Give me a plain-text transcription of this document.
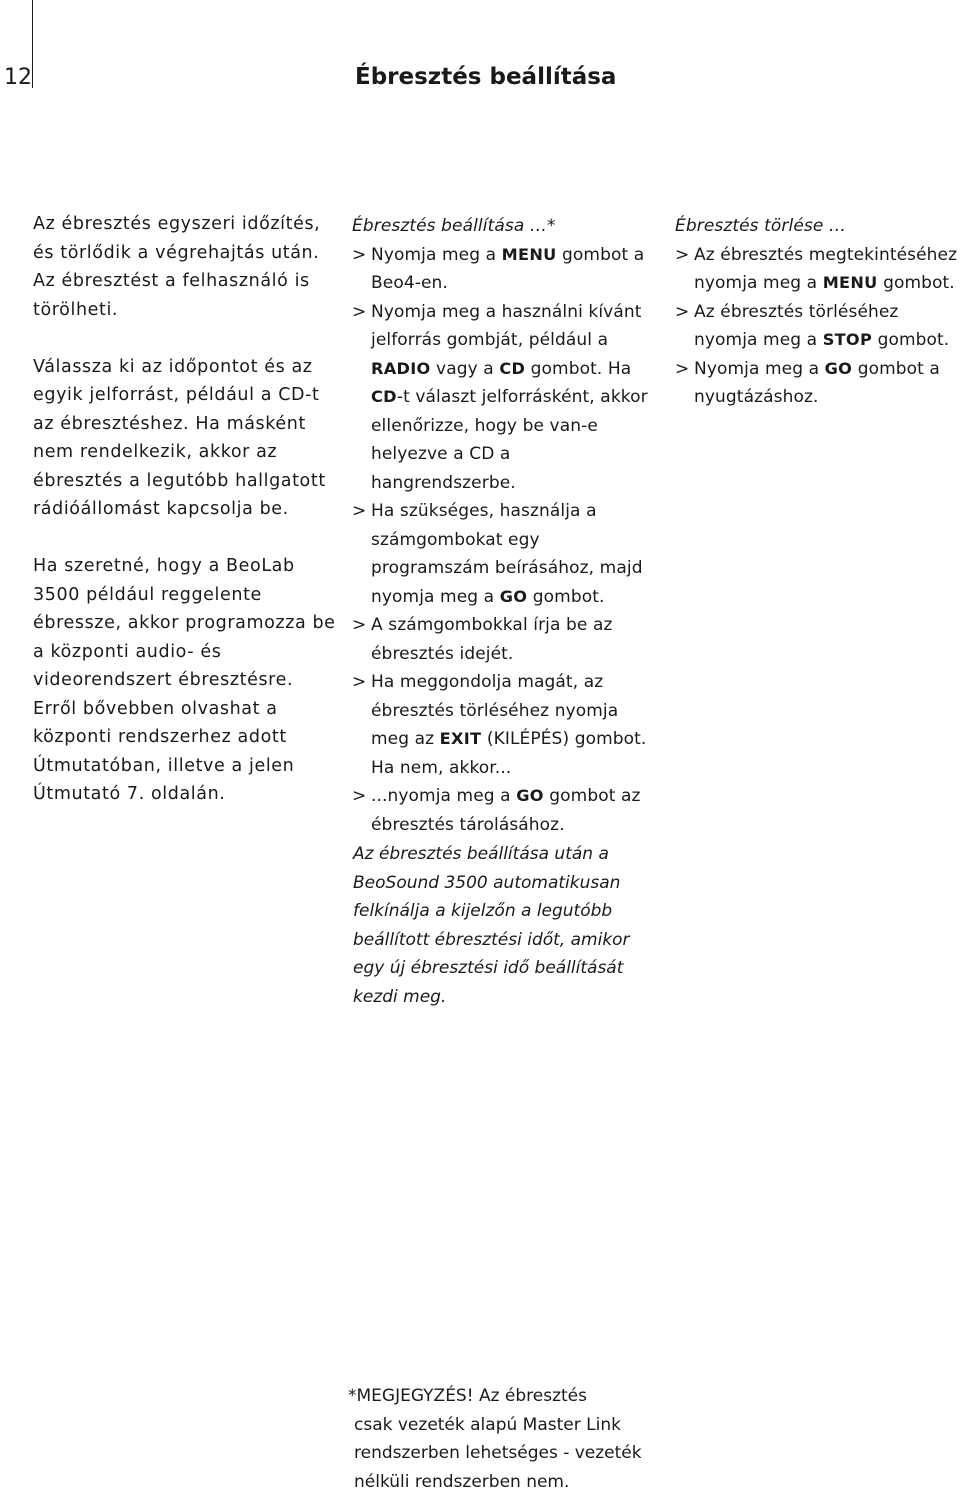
12	Ébresztés beállítása

Az ébresztés egyszeri időzítés, és törlődik a végrehajtás után. Az ébresztést a felhasználó is törölheti.

Válassza ki az időpontot és az egyik jelforrást, például a CD-t az ébresztéshez. Ha másként nem rendelkezik, akkor az ébresztés a legutóbb hallgatott rádióállomást kapcsolja be.

Ha szeretné, hogy a BeoLab 3500 például reggelente ébressze, akkor programozza be a központi audio- és videorendszert ébresztésre. Erről bővebben olvashat a központi rendszerhez adott Útmutatóban, illetve a jelen Útmutató 7. oldalán.

Ébresztés beállítása …*
> Nyomja meg a MENU gombot a Beo4-en.
> Nyomja meg a használni kívánt jelforrás gombját, például a RADIO vagy a CD gombot. Ha CD-t választ jelforrásként, akkor ellenőrizze, hogy be van-e helyezve a CD a hangrendszerbe.
> Ha szükséges, használja a számgombokat egy programszám beírásához, majd nyomja meg a GO gombot.
> A számgombokkal írja be az ébresztés idejét.
> Ha meggondolja magát, az ébresztés törléséhez nyomja meg az EXIT (KILÉPÉS) gombot. Ha nem, akkor...
> ...nyomja meg a GO gombot az ébresztés tárolásához.
Ébresztés törlése …
> Az ébresztés megtekintéséhez nyomja meg a MENU gombot.
> Az ébresztés törléséhez nyomja meg a STOP gombot.
> Nyomja meg a GO gombot a nyugtázáshoz.

Az ébresztés beállítása után a BeoSound 3500 automatikusan felkínálja a kijelzőn a legutóbb beállított ébresztési időt, amikor egy új ébresztési idő beállítását kezdi meg.

*MEGJEGYZÉS! Az ébresztés
csak vezeték alapú Master Link
rendszerben lehetséges - vezeték
nélküli rendszerben nem.
